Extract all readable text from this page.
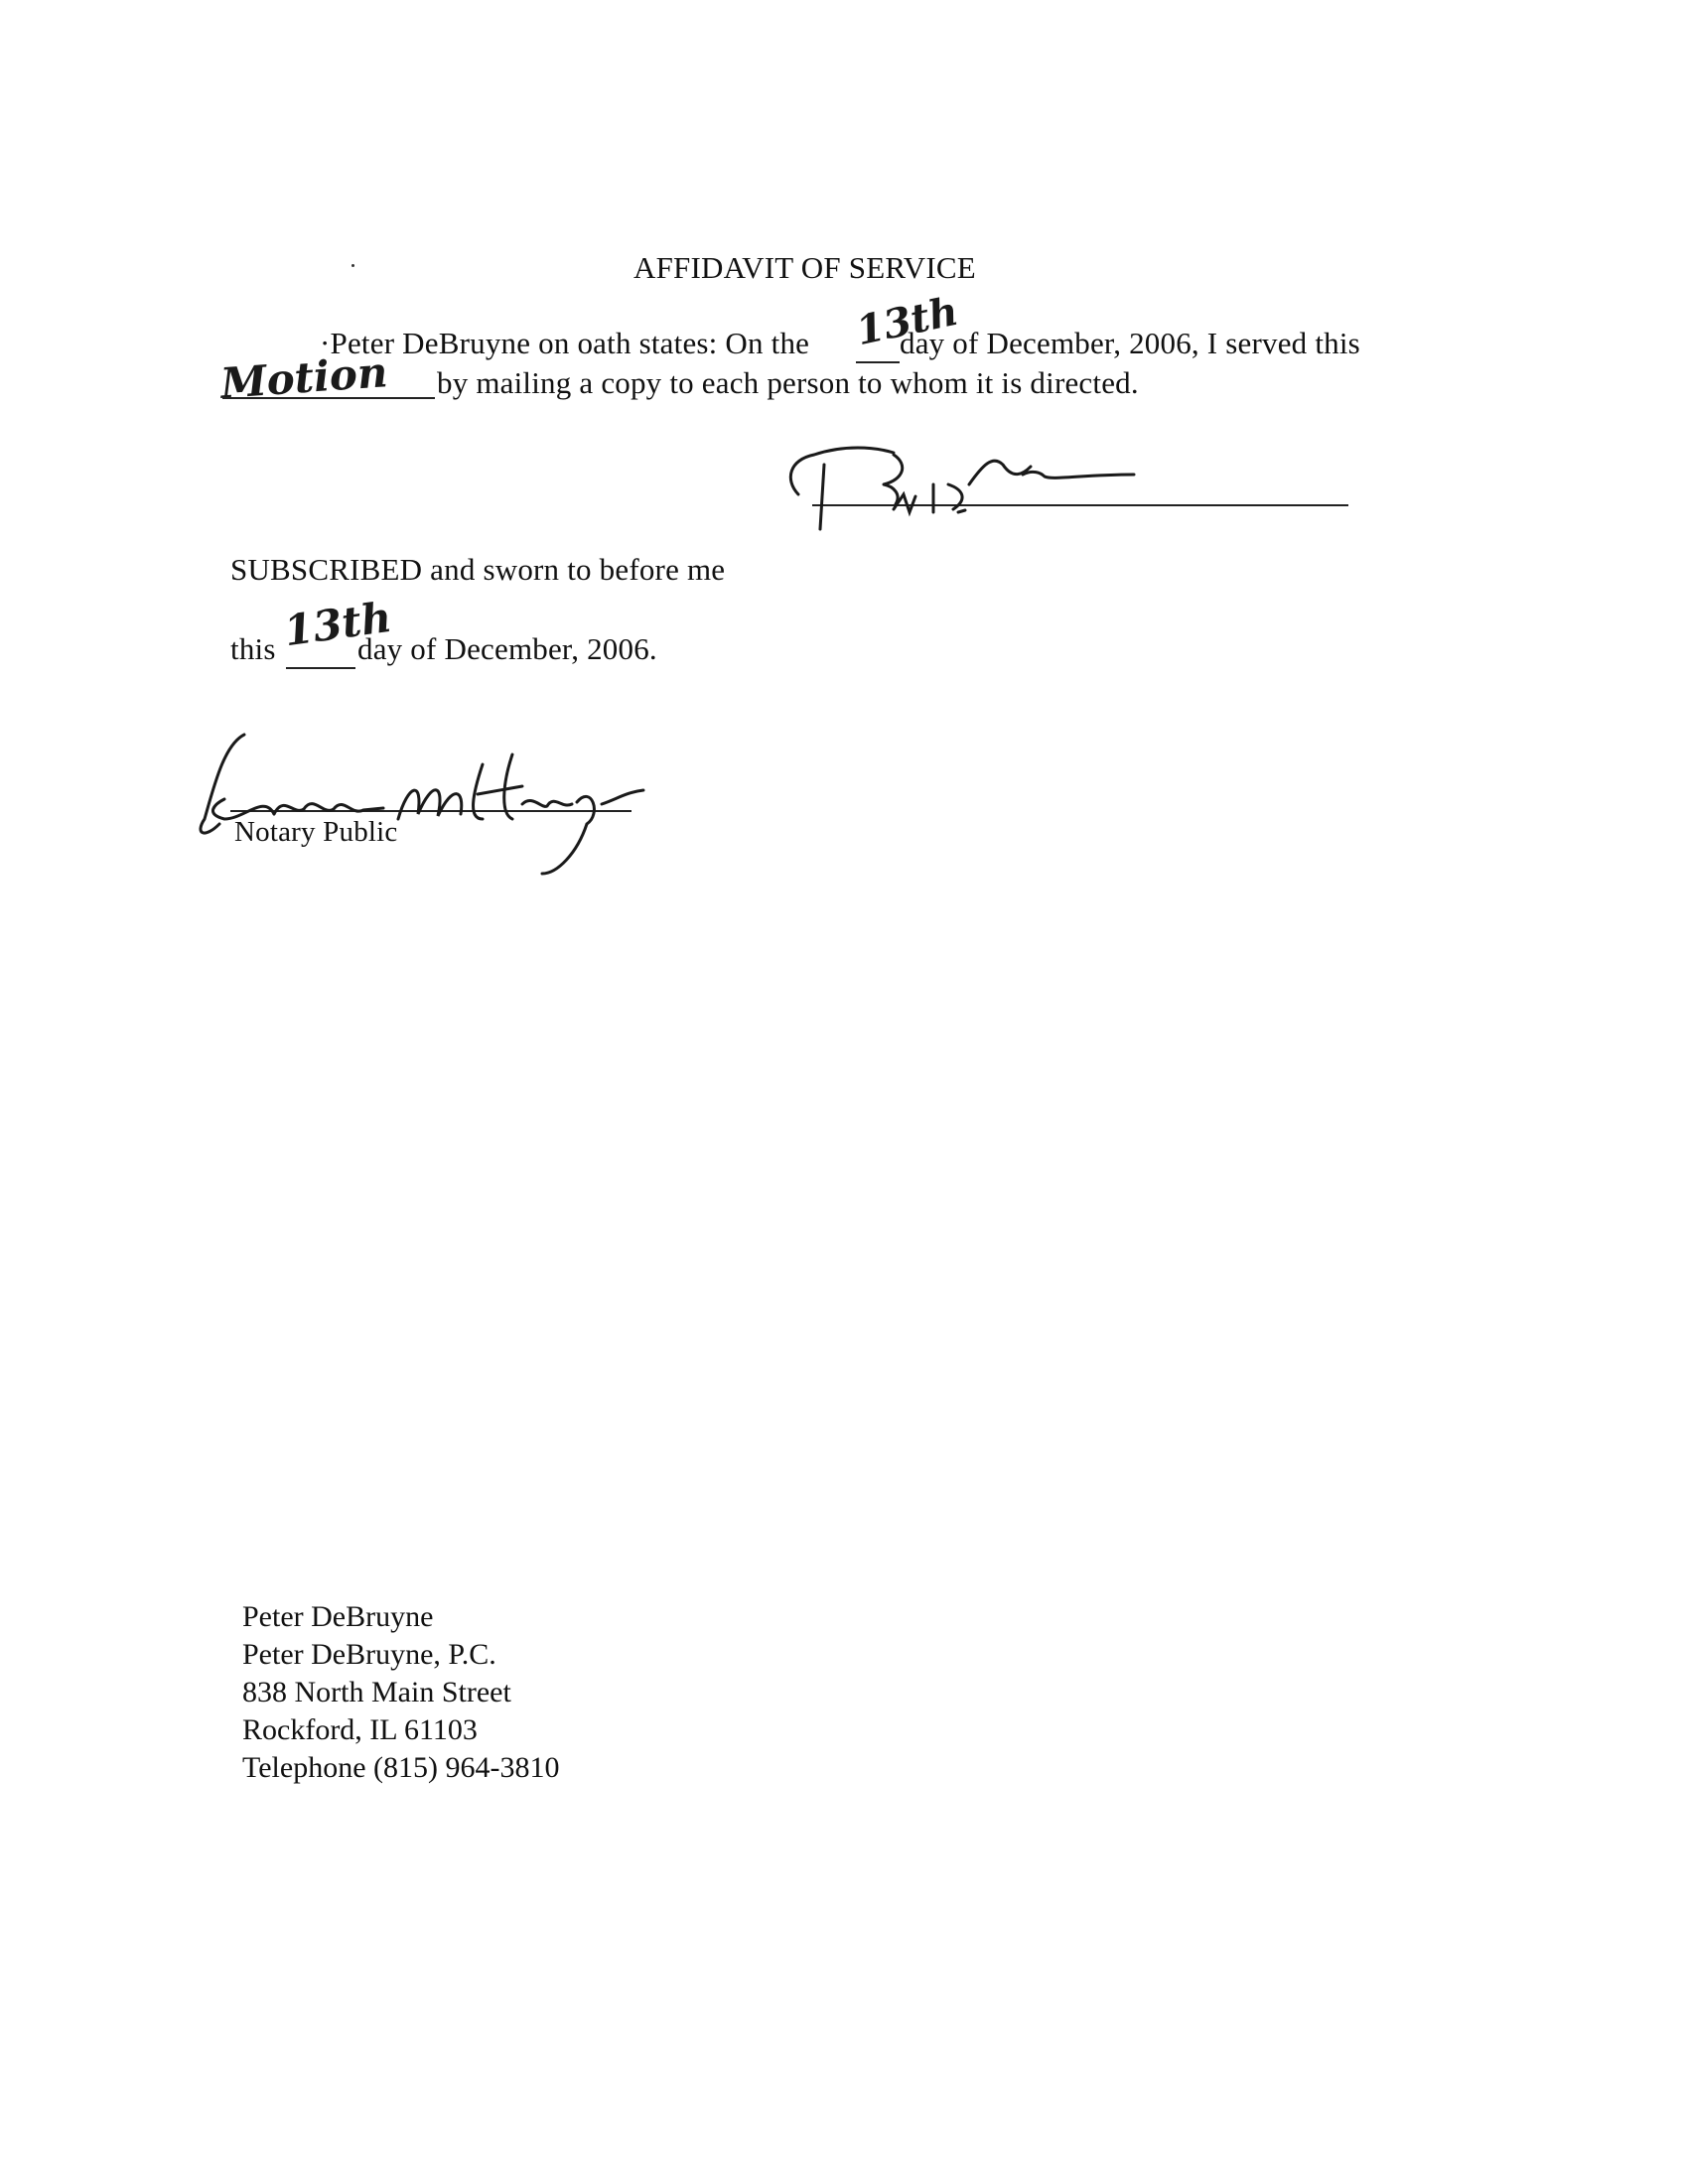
AFFIDAVIT OF SERVICE
·Peter DeBruyne on oath states: On the 13th
day of December, 2006, I served this
Motion by mailing a copy to each person to whom it is directed.
SUBSCRIBED and sworn to before me
this 13th
day of December, 2006.
Notary Public
Peter DeBruyne
Peter DeBruyne, P.C.
838 North Main Street
Rockford, IL 61103
Telephone (815) 964-3810
